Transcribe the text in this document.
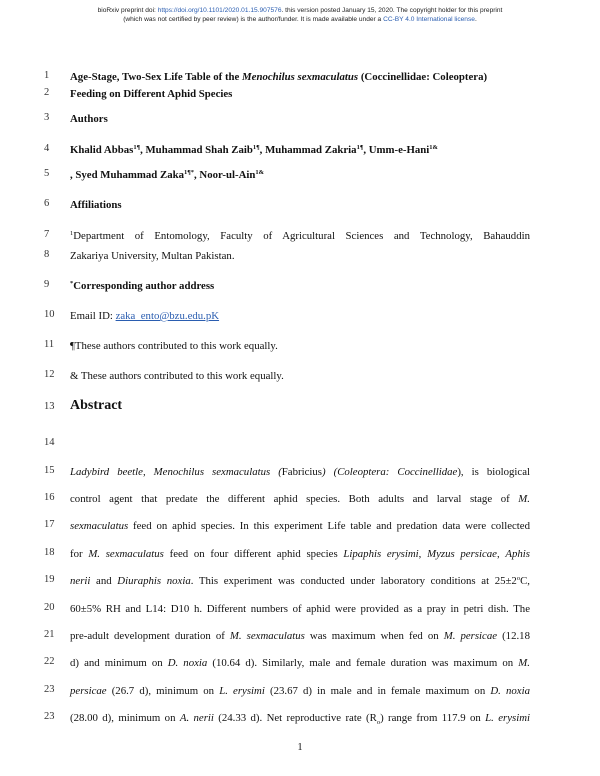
bioRxiv preprint doi: https://doi.org/10.1101/2020.01.15.907576. this version posted January 15, 2020. The copyright holder for this preprint
(which was not certified by peer review) is the author/funder. It is made available under a CC-BY 4.0 International license.
1
2
3
4
5
6
7
8
9
10
11
12
13
14
15
16
17
18
19
20
21
22
23
Age-Stage, Two-Sex Life Table of the Menochilus sexmaculatus (Coccinellidae: Coleoptera)
Feeding on Different Aphid Species
Authors
Khalid Abbas$^{1\P}$, Muhammad Shah Zaib$^{1\P}$, Muhammad Zakria$^{1\P}$, Umm-e-Hani$^{1\&}$
, Syed Muhammad Zaka$^{1\P*}$, Noor-ul-Ain$^{1\&}$
Affiliations
$^1$Department of Entomology, Faculty of Agricultural Sciences and Technology, Bahauddin
Zakariya University, Multan Pakistan.
*Corresponding author address
Email ID: zaka_ento@bzu.edu.pK
¶These authors contributed to this work equally.
& These authors contributed to this work equally.
Abstract
Ladybird beetle, Menochilus sexmaculatus (Fabricius) (Coleoptera: Coccinellidae), is biological
control agent that predate the different aphid species. Both adults and larval stage of M.
sexmaculatus feed on aphid species. In this experiment Life table and predation data were collected
for M. sexmaculatus feed on four different aphid species Lipaphis erysimi, Myzus persicae, Aphis
nerii and Diuraphis noxia. This experiment was conducted under laboratory conditions at $25\pm 2^oC$,
60±5% RH and L14: D10 h. Different numbers of aphid were provided as a pray in petri dish. The
pre-adult development duration of M. sexmaculatus was maximum when fed on M. persicae (12.18
d) and minimum on D. noxia (10.64 d). Similarly, male and female duration was maximum on M.
persicae (26.7 d), minimum on L. erysimi (23.67 d) in male and in female maximum on D. noxia
(28.00 d), minimum on A. nerii (24.33 d). Net reproductive rate $(R_o)$ range from 117.9 on L. erysimi
23
1
